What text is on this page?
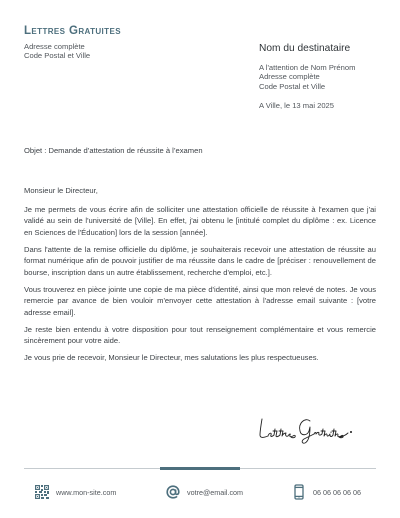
Lettres Gratuites
Adresse complète
Code Postal et Ville
Nom du destinataire
A l'attention de Nom Prénom
Adresse complète
Code Postal et Ville
A Ville, le 13 mai 2025
Objet : Demande d’attestation de réussite à l’examen

Monsieur le Directeur,

Je me permets de vous écrire afin de solliciter une attestation officielle de réussite à l'examen que j'ai validé au sein de l'université de [Ville]. En effet, j'ai obtenu le [intitulé complet du diplôme : ex. Licence en Sciences de l'Éducation] lors de la session [année].

Dans l'attente de la remise officielle du diplôme, je souhaiterais recevoir une attestation de réussite au format numérique afin de pouvoir justifier de ma réussite dans le cadre de [préciser : renouvellement de bourse, inscription dans un autre établissement, recherche d'emploi, etc.].

Vous trouverez en pièce jointe une copie de ma pièce d'identité, ainsi que mon relevé de notes. Je vous remercie par avance de bien vouloir m'envoyer cette attestation à l'adresse email suivante : [votre adresse email].

Je reste bien entendu à votre disposition pour tout renseignement complémentaire et vous remercie sincèrement pour votre aide.

Je vous prie de recevoir, Monsieur le Directeur, mes salutations les plus respectueuses.

www.mon-site.com	votre@email.com	06 06 06 06 06
